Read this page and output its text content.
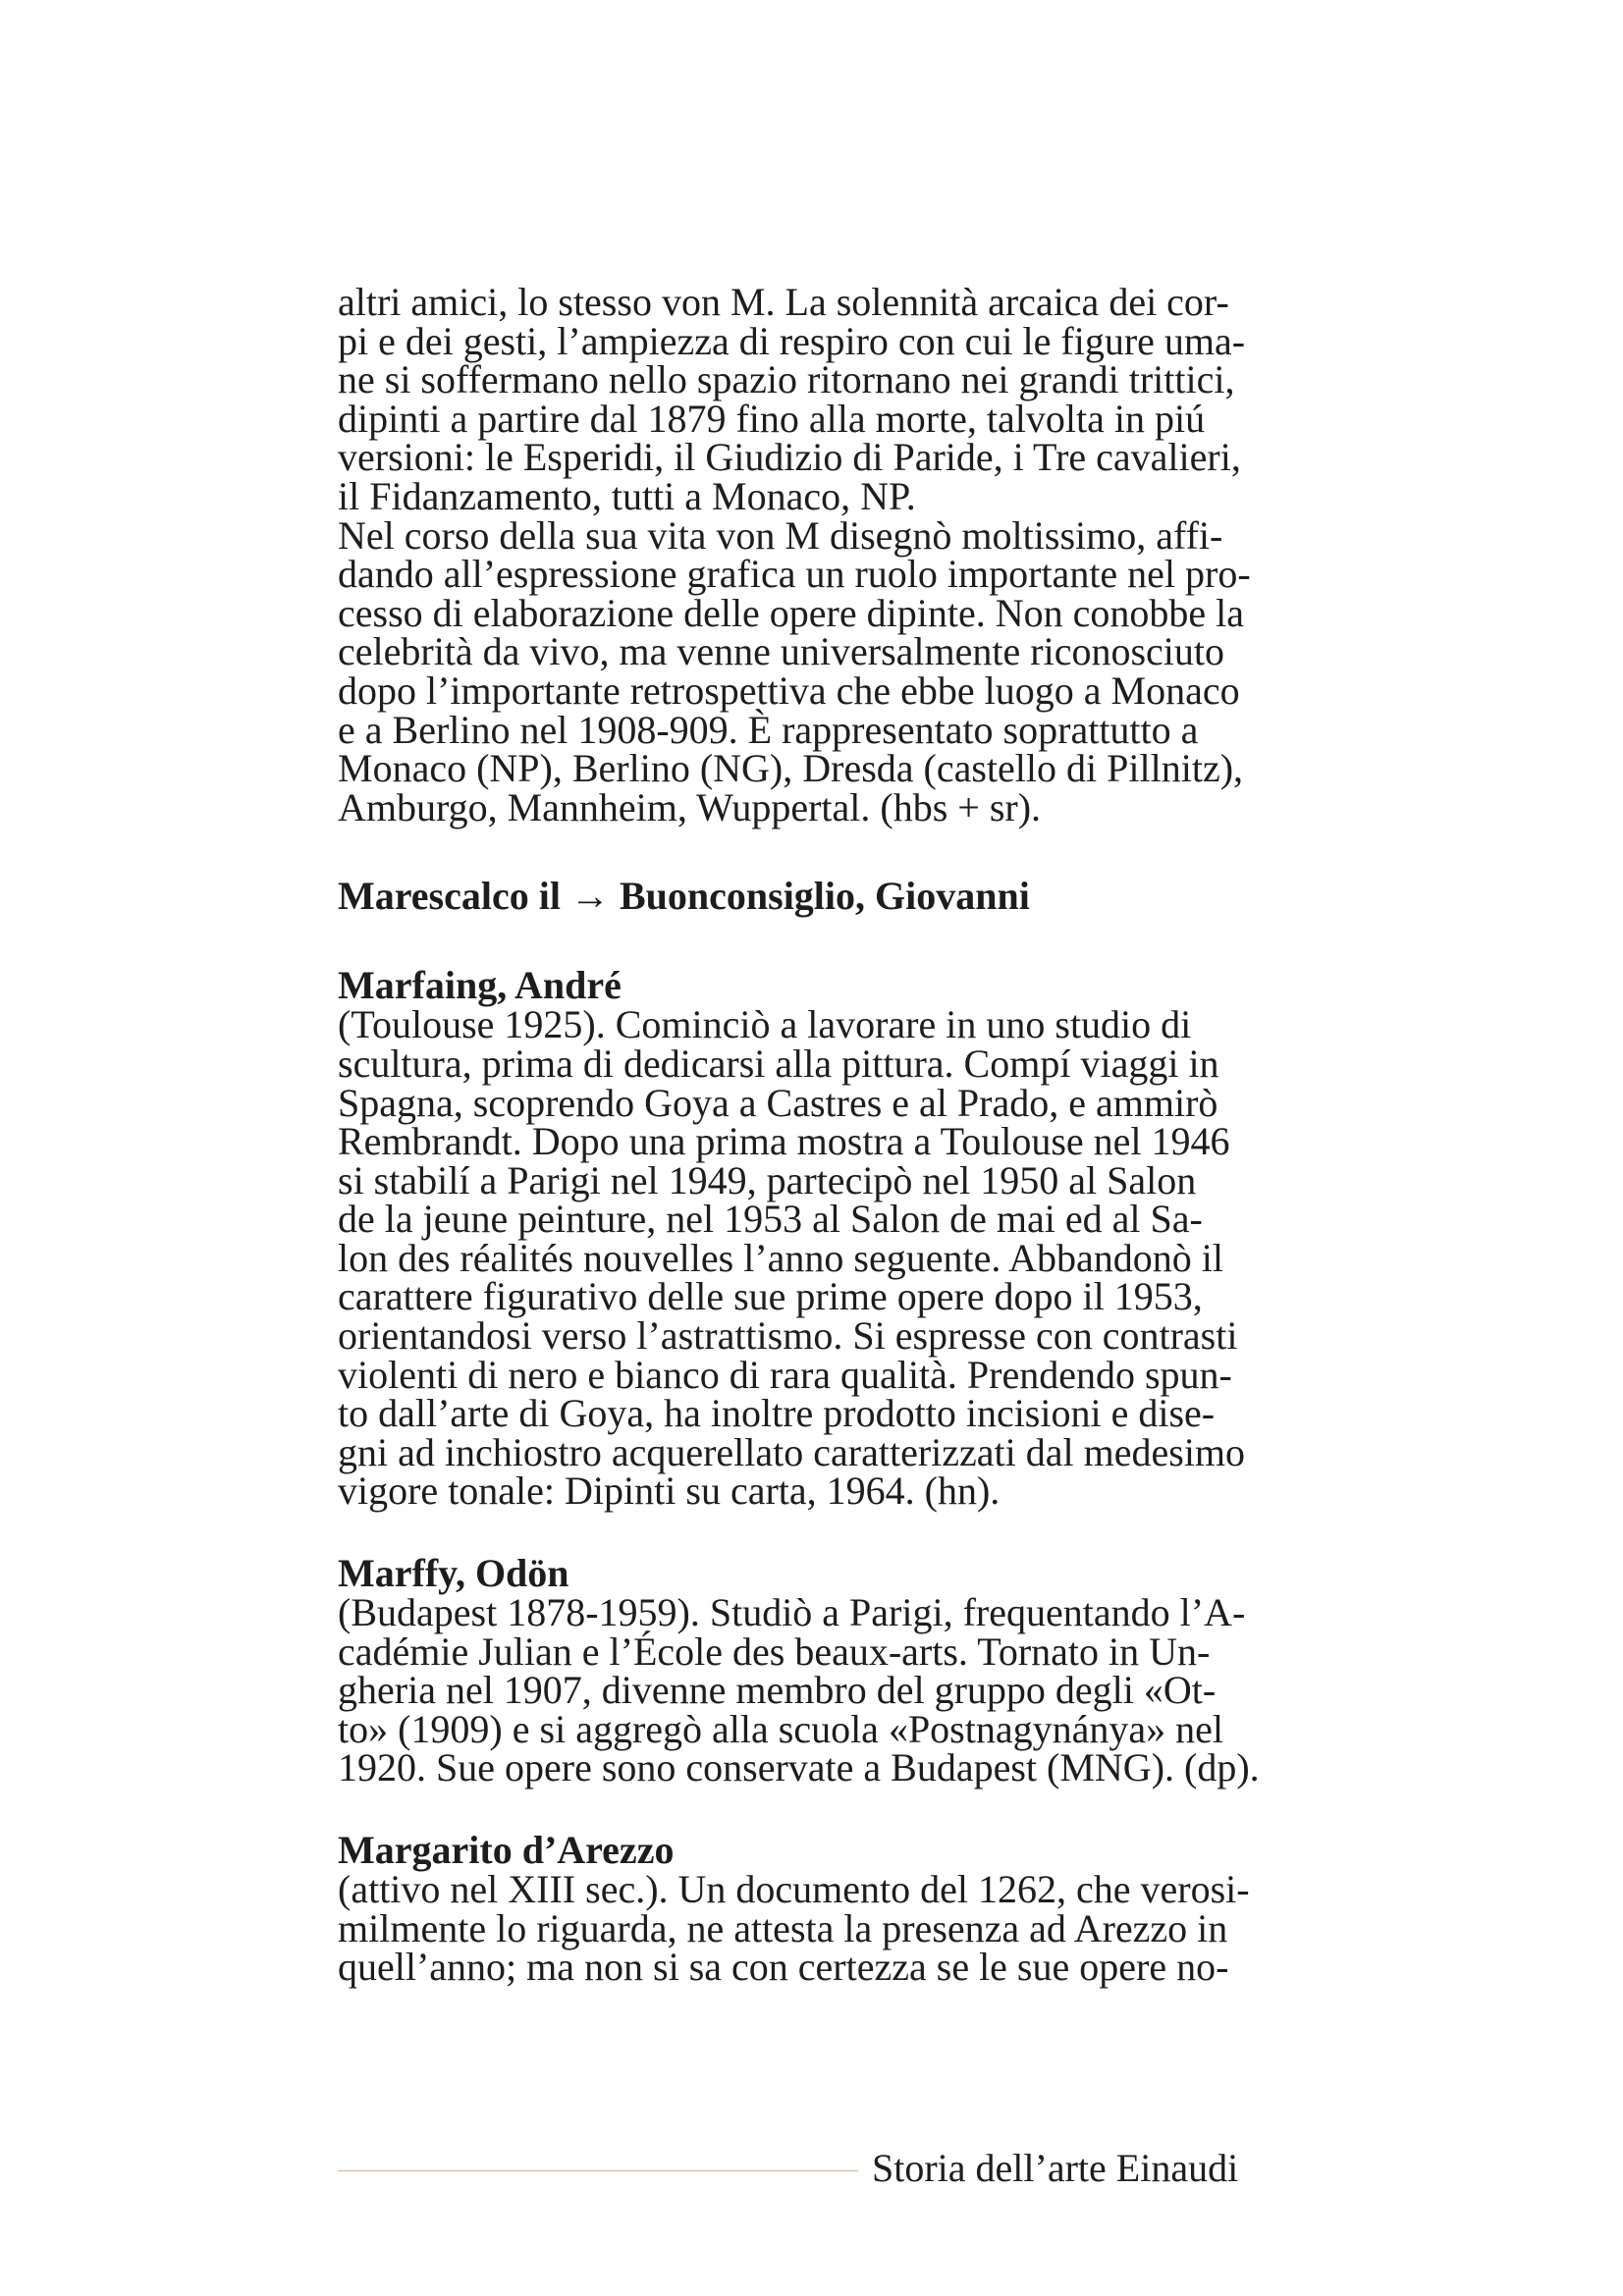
altri amici, lo stesso von M. La solennità arcaica dei cor-
pi e dei gesti, l’ampiezza di respiro con cui le figure uma-
ne si soffermano nello spazio ritornano nei grandi trittici,
dipinti a partire dal 1879 fino alla morte, talvolta in piú
versioni: le Esperidi, il Giudizio di Paride, i Tre cavalieri,
il Fidanzamento, tutti a Monaco, NP.
Nel corso della sua vita von M disegnò moltissimo, affi-
dando all’espressione grafica un ruolo importante nel pro-
cesso di elaborazione delle opere dipinte. Non conobbe la
celebrità da vivo, ma venne universalmente riconosciuto
dopo l’importante retrospettiva che ebbe luogo a Monaco
e a Berlino nel 1908-909. È rappresentato soprattutto a
Monaco (NP), Berlino (NG), Dresda (castello di Pillnitz),
Amburgo, Mannheim, Wuppertal. (hbs + sr).
Marescalco il → Buonconsiglio, Giovanni
Marfaing, André
(Toulouse 1925). Cominciò a lavorare in uno studio di
scultura, prima di dedicarsi alla pittura. Compí viaggi in
Spagna, scoprendo Goya a Castres e al Prado, e ammirò
Rembrandt. Dopo una prima mostra a Toulouse nel 1946
si stabilí a Parigi nel 1949, partecipò nel 1950 al Salon
de la jeune peinture, nel 1953 al Salon de mai ed al Sa-
lon des réalités nouvelles l’anno seguente. Abbandonò il
carattere figurativo delle sue prime opere dopo il 1953,
orientandosi verso l’astrattismo. Si espresse con contrasti
violenti di nero e bianco di rara qualità. Prendendo spun-
to dall’arte di Goya, ha inoltre prodotto incisioni e dise-
gni ad inchiostro acquerellato caratterizzati dal medesimo
vigore tonale: Dipinti su carta, 1964. (hn).
Marffy, Odön
(Budapest 1878-1959). Studiò a Parigi, frequentando l’A-
cadémie Julian e l’École des beaux-arts. Tornato in Un-
gheria nel 1907, divenne membro del gruppo degli «Ot-
to» (1909) e si aggregò alla scuola «Postnagynánya» nel
1920. Sue opere sono conservate a Budapest (MNG). (dp).
Margarito d’Arezzo
(attivo nel XIII sec.). Un documento del 1262, che verosi-
milmente lo riguarda, ne attesta la presenza ad Arezzo in
quell’anno; ma non si sa con certezza se le sue opere no-
Storia dell’arte Einaudi
